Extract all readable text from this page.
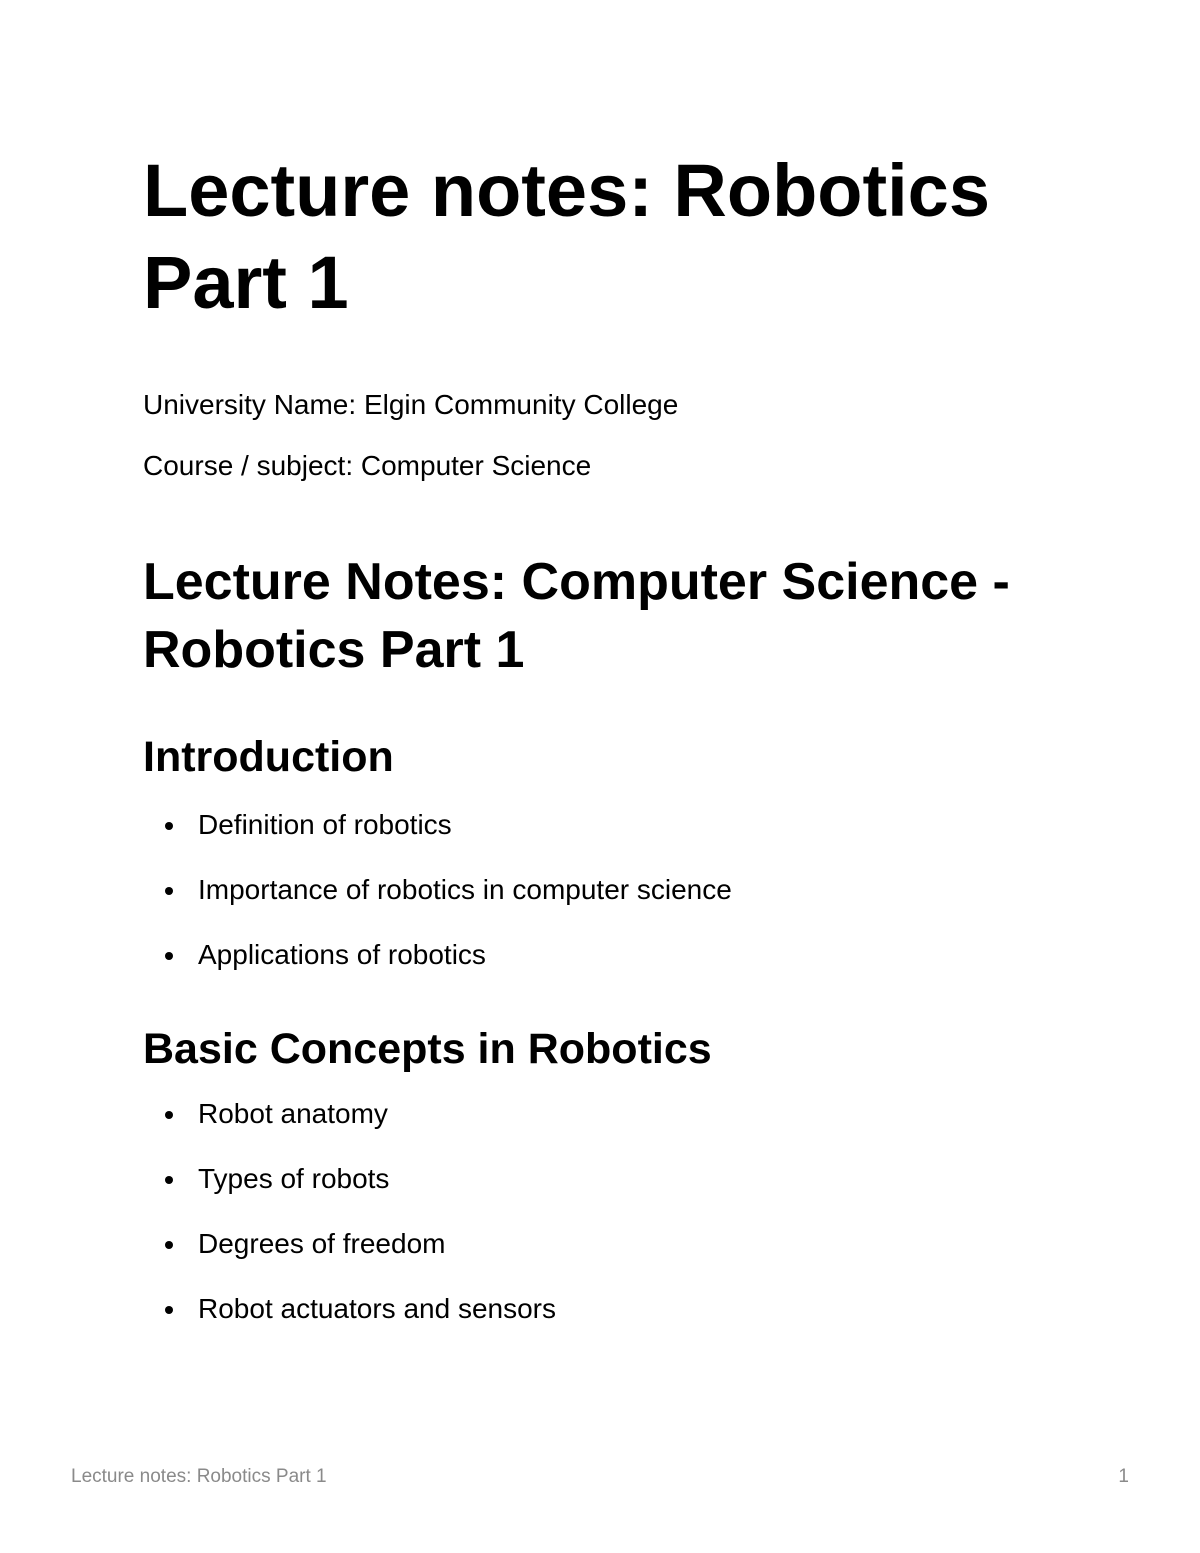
Lecture notes: Robotics Part 1

University Name: Elgin Community College

Course / subject: Computer Science

Lecture Notes: Computer Science - Robotics Part 1
Introduction
Definition of robotics
Importance of robotics in computer science
Applications of robotics
Basic Concepts in Robotics
Robot anatomy
Types of robots
Degrees of freedom
Robot actuators and sensors
Lecture notes: Robotics Part 1	1
